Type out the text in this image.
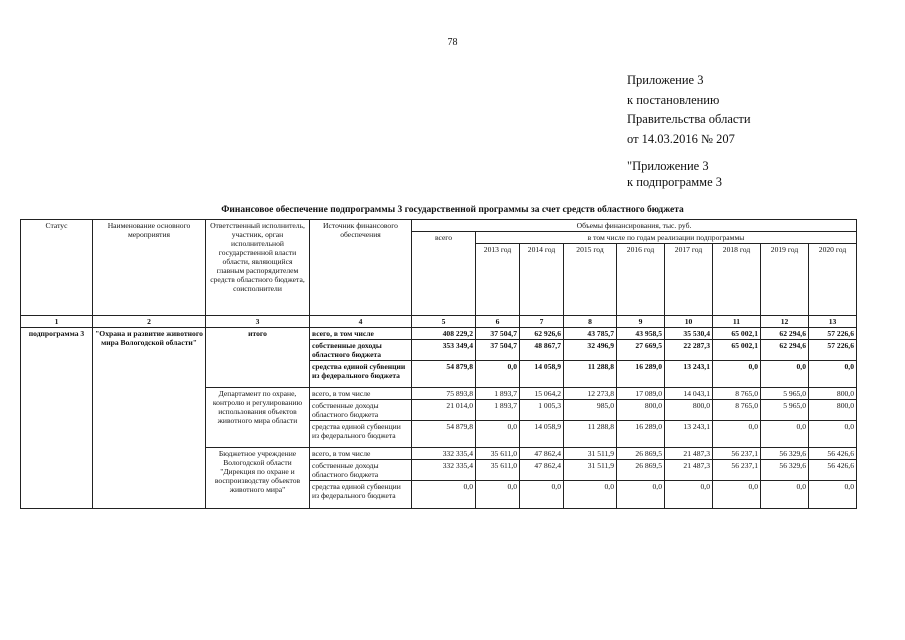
78
Приложение 3
к постановлению
Правительства области
от 14.03.2016 № 207
"Приложение 3
к подпрограмме 3
Финансовое обеспечение подпрограммы 3 государственной программы за счет средств областного бюджета
Статус	Наименование основного мероприятия	Ответственный исполнитель, участник, орган исполнительной государственной власти области, являющийся главным распорядителем средств областного бюджета, соисполнители	Источник финансового обеспечения	Объемы финансирования, тыс. руб.								
				всего	в том числе по годам реализации подпрограммы							
					2013 год	2014 год	2015 год	2016 год	2017 год	2018 год	2019 год	2020 год
1	2	3	4	5	6	7	8	9	10	11	12	13
подпрограмма 3	"Охрана и развитие животного мира Вологодской области"	итого	всего, в том числе	408 229,2	37 504,7	62 926,6	43 785,7	43 958,5	35 530,4	65 002,1	62 294,6	57 226,6
			собственные доходы областного бюджета	353 349,4	37 504,7	48 867,7	32 496,9	27 669,5	22 287,3	65 002,1	62 294,6	57 226,6
			средства единой субвенции из федерального бюджета	54 879,8	0,0	14 058,9	11 288,8	16 289,0	13 243,1	0,0	0,0	0,0
		Департамент по охране, контролю и регулированию использования объектов животного мира области	всего, в том числе	75 893,8	1 893,7	15 064,2	12 273,8	17 089,0	14 043,1	8 765,0	5 965,0	800,0
			собственные доходы областного бюджета	21 014,0	1 893,7	1 005,3	985,0	800,0	800,0	8 765,0	5 965,0	800,0
			средства единой субвенции из федерального бюджета	54 879,8	0,0	14 058,9	11 288,8	16 289,0	13 243,1	0,0	0,0	0,0
		Бюджетное учреждение Вологодской области "Дирекция по охране и воспроизводству объектов животного мира"	всего, в том числе	332 335,4	35 611,0	47 862,4	31 511,9	26 869,5	21 487,3	56 237,1	56 329,6	56 426,6
			собственные доходы областного бюджета	332 335,4	35 611,0	47 862,4	31 511,9	26 869,5	21 487,3	56 237,1	56 329,6	56 426,6
			средства единой субвенции из федерального бюджета	0,0	0,0	0,0	0,0	0,0	0,0	0,0	0,0	0,0
